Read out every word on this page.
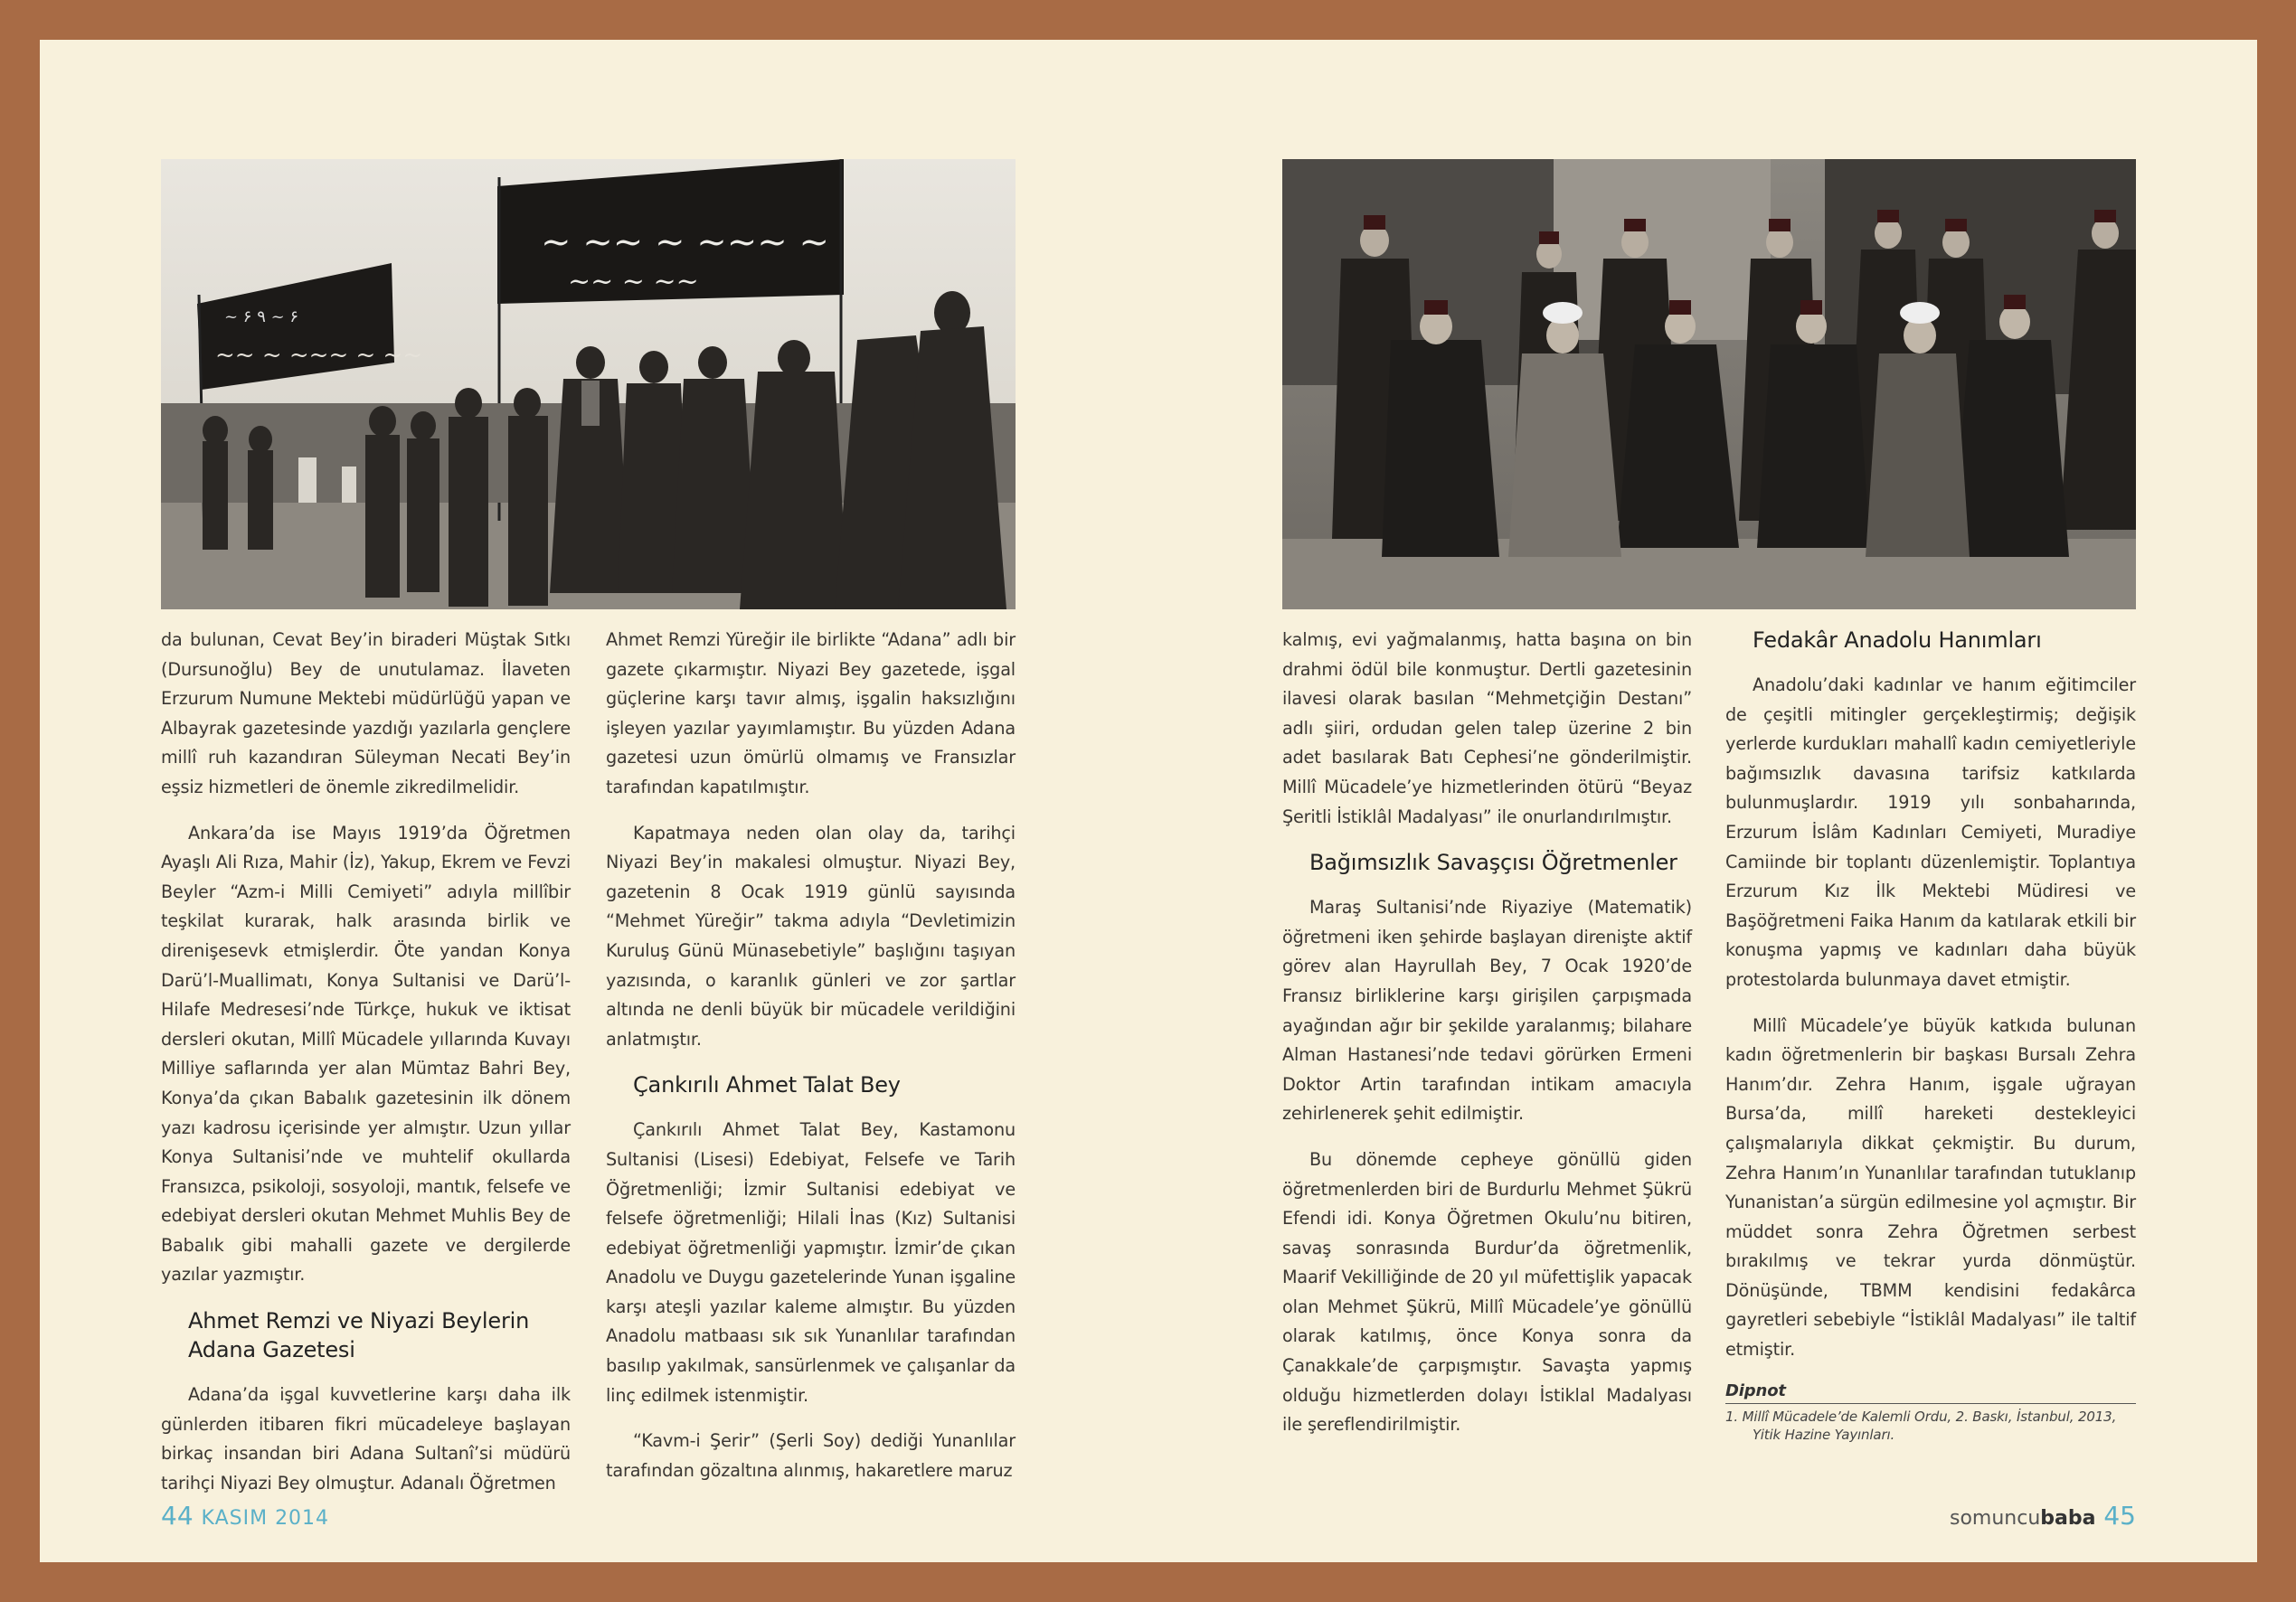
~ ۶ ۹ ~ ۶
~~ ~ ~~~ ~ ~~
~ ~~ ~ ~~~ ~
~~ ~ ~~

da bulunan, Cevat Bey’in biraderi Müştak Sıtkı (Dursunoğlu) Bey de unutulamaz. İlaveten Erzurum Numune Mektebi müdürlüğü yapan ve Albayrak gazetesinde yazdığı yazılarla gençlere millî ruh kazandıran Süleyman Necati Bey’in eşsiz hizmetleri de önemle zikredilmelidir.

Ankara’da ise Mayıs 1919’da Öğretmen Ayaşlı Ali Rıza, Mahir (İz), Yakup, Ekrem ve Fevzi Beyler “Azm-i Milli Cemiyeti” adıyla millîbir teşkilat kurarak, halk arasında birlik ve direnişesevk etmişlerdir. Öte yandan Konya Darü’l-Muallimatı, Konya Sultanisi ve Darü’l-Hilafe Medresesi’nde Türkçe, hukuk ve iktisat dersleri okutan, Millî Mücadele yıllarında Kuvayı Milliye saflarında yer alan Mümtaz Bahri Bey, Konya’da çıkan Babalık gazetesinin ilk dönem yazı kadrosu içerisinde yer almıştır. Uzun yıllar Konya Sultanisi’nde ve muhtelif okullarda Fransızca, psikoloji, sosyoloji, mantık, felsefe ve edebiyat dersleri okutan Mehmet Muhlis Bey de Babalık gibi mahalli gazete ve dergilerde yazılar yazmıştır.

Ahmet Remzi ve Niyazi Beylerin Adana Gazetesi

Adana’da işgal kuvvetlerine karşı daha ilk günlerden itibaren fikri mücadeleye başlayan birkaç insandan biri Adana Sultanî’si müdürü tarihçi Niyazi Bey olmuştur. Adanalı Öğretmen

Ahmet Remzi Yüreğir ile birlikte “Adana” adlı bir gazete çıkarmıştır. Niyazi Bey gazetede, işgal güçlerine karşı tavır almış, işgalin haksızlığını işleyen yazılar yayımlamıştır. Bu yüzden Adana gazetesi uzun ömürlü olmamış ve Fransızlar tarafından kapatılmıştır.

Kapatmaya neden olan olay da, tarihçi Niyazi Bey’in makalesi olmuştur. Niyazi Bey, gazetenin 8 Ocak 1919 günlü sayısında “Mehmet Yüreğir” takma adıyla “Devletimizin Kuruluş Günü Münasebetiyle” başlığını taşıyan yazısında, o karanlık günleri ve zor şartlar altında ne denli büyük bir mücadele verildiğini anlatmıştır.

Çankırılı Ahmet Talat Bey

Çankırılı Ahmet Talat Bey, Kastamonu Sultanisi (Lisesi) Edebiyat, Felsefe ve Tarih Öğretmenliği; İzmir Sultanisi edebiyat ve felsefe öğretmenliği; Hilali İnas (Kız) Sultanisi edebiyat öğretmenliği yapmıştır. İzmir’de çıkan Anadolu ve Duygu gazetelerinde Yunan işgaline karşı ateşli yazılar kaleme almıştır. Bu yüzden Anadolu matbaası sık sık Yunanlılar tarafından basılıp yakılmak, sansürlenmek ve çalışanlar da linç edilmek istenmiştir.

“Kavm-i Şerir” (Şerli Soy) dediği Yunanlılar tarafından gözaltına alınmış, hakaretlere maruz

kalmış, evi yağmalanmış, hatta başına on bin drahmi ödül bile konmuştur. Dertli gazetesinin ilavesi olarak basılan “Mehmetçiğin Destanı” adlı şiiri, ordudan gelen talep üzerine 2 bin adet basılarak Batı Cephesi’ne gönderilmiştir. Millî Mücadele’ye hizmetlerinden ötürü “Beyaz Şeritli İstiklâl Madalyası” ile onurlandırılmıştır.

Bağımsızlık Savaşçısı Öğretmenler

Maraş Sultanisi’nde Riyaziye (Matematik) öğretmeni iken şehirde başlayan direnişte aktif görev alan Hayrullah Bey, 7 Ocak 1920’de Fransız birliklerine karşı girişilen çarpışmada ayağından ağır bir şekilde yaralanmış; bilahare Alman Hastanesi’nde tedavi görürken Ermeni Doktor Artin tarafından intikam amacıyla zehirlenerek şehit edilmiştir.

Bu dönemde cepheye gönüllü giden öğretmenlerden biri de Burdurlu Mehmet Şükrü Efendi idi. Konya Öğretmen Okulu’nu bitiren, savaş sonrasında Burdur’da öğretmenlik, Maarif Vekilliğinde de 20 yıl müfettişlik yapacak olan Mehmet Şükrü, Millî Mücadele’ye gönüllü olarak katılmış, önce Konya sonra da Çanakkale’de çarpışmıştır. Savaşta yapmış olduğu hizmetlerden dolayı İstiklal Madalyası ile şereflendirilmiştir.

Fedakâr Anadolu Hanımları

Anadolu’daki kadınlar ve hanım eğitimciler de çeşitli mitingler gerçekleştirmiş; değişik yerlerde kurdukları mahallî kadın cemiyetleriyle bağımsızlık davasına tarifsiz katkılarda bulunmuşlardır. 1919 yılı sonbaharında, Erzurum İslâm Kadınları Cemiyeti, Muradiye Camiinde bir toplantı düzenlemiştir. Toplantıya Erzurum Kız İlk Mektebi Müdiresi ve Başöğretmeni Faika Hanım da katılarak etkili bir konuşma yapmış ve kadınları daha büyük protestolarda bulunmaya davet etmiştir.

Millî Mücadele’ye büyük katkıda bulunan kadın öğretmenlerin bir başkası Bursalı Zehra Hanım’dır. Zehra Hanım, işgale uğrayan Bursa’da, millî hareketi destekleyici çalışmalarıyla dikkat çekmiştir. Bu durum, Zehra Hanım’ın Yunanlılar tarafından tutuklanıp Yunanistan’a sürgün edilmesine yol açmıştır. Bir müddet sonra Zehra Öğretmen serbest bırakılmış ve tekrar yurda dönmüştür. Dönüşünde, TBMM kendisini fedakârca gayretleri sebebiyle “İstiklâl Madalyası” ile taltif etmiştir.

Dipnot
1. Millî Mücadele’de Kalemli Ordu, 2. Baskı, İstanbul, 2013, Yitik Hazine Yayınları.
44 KASIM 2014	somuncubaba 45
